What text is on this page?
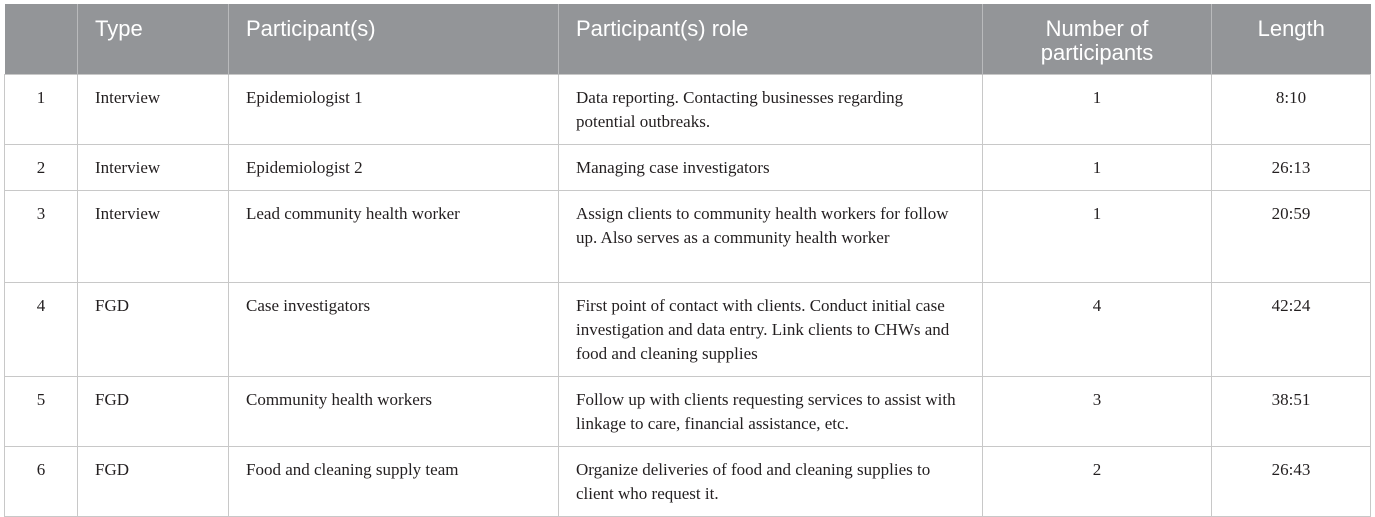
	Type	Participant(s)	Participant(s) role	Number of participants	Length
1	Interview	Epidemiologist 1	Data reporting. Contacting businesses regarding potential outbreaks.	1	8:10
2	Interview	Epidemiologist 2	Managing case investigators	1	26:13
3	Interview	Lead community health worker	Assign clients to community health workers for follow up. Also serves as a community health worker	1	20:59
4	FGD	Case investigators	First point of contact with clients. Conduct initial case investigation and data entry. Link clients to CHWs and food and cleaning supplies	4	42:24
5	FGD	Community health workers	Follow up with clients requesting services to assist with linkage to care, financial assistance, etc.	3	38:51
6	FGD	Food and cleaning supply team	Organize deliveries of food and cleaning supplies to client who request it.	2	26:43
